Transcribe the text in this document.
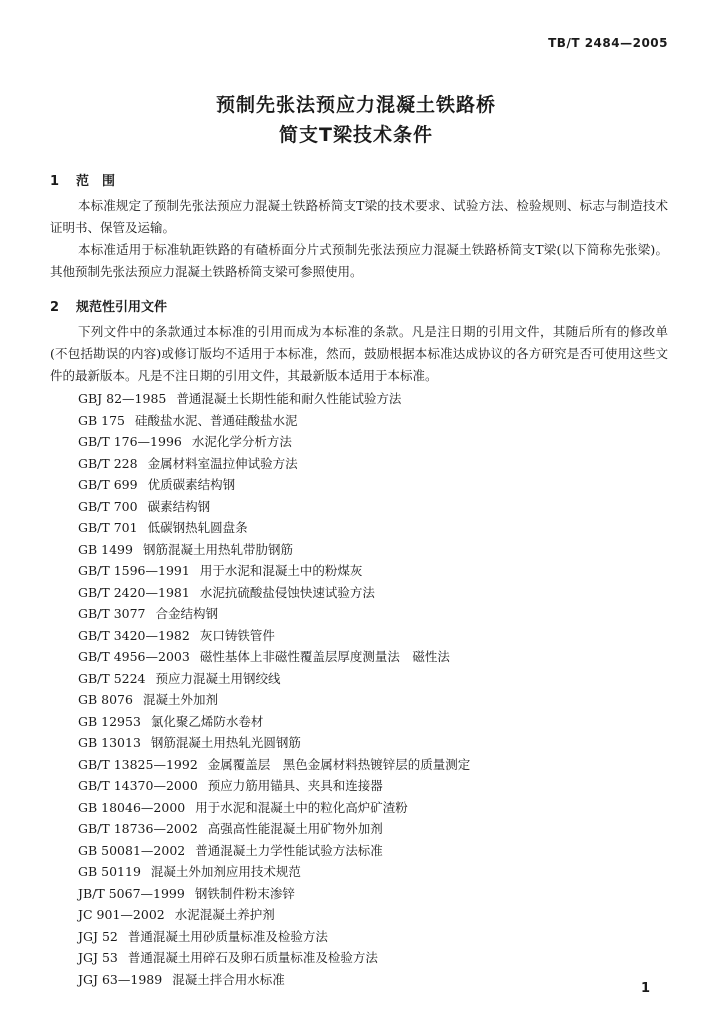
TB/T 2484—2005
预制先张法预应力混凝土铁路桥
简支T梁技术条件
1 范　围
本标准规定了预制先张法预应力混凝土铁路桥简支T梁的技术要求、试验方法、检验规则、标志与制造技术证明书、保管及运输。
本标准适用于标准轨距铁路的有碴桥面分片式预制先张法预应力混凝土铁路桥简支T梁(以下简称先张梁)。其他预制先张法预应力混凝土铁路桥简支梁可参照使用。
2 规范性引用文件
下列文件中的条款通过本标准的引用而成为本标准的条款。凡是注日期的引用文件，其随后所有的修改单(不包括勘误的内容)或修订版均不适用于本标准，然而，鼓励根据本标准达成协议的各方研究是否可使用这些文件的最新版本。凡是不注日期的引用文件，其最新版本适用于本标准。
GBJ 82—1985 普通混凝土长期性能和耐久性能试验方法
GB 175 硅酸盐水泥、普通硅酸盐水泥
GB/T 176—1996 水泥化学分析方法
GB/T 228 金属材料室温拉伸试验方法
GB/T 699 优质碳素结构钢
GB/T 700 碳素结构钢
GB/T 701 低碳钢热轧圆盘条
GB 1499 钢筋混凝土用热轧带肋钢筋
GB/T 1596—1991 用于水泥和混凝土中的粉煤灰
GB/T 2420—1981 水泥抗硫酸盐侵蚀快速试验方法
GB/T 3077 合金结构钢
GB/T 3420—1982 灰口铸铁管件
GB/T 4956—2003 磁性基体上非磁性覆盖层厚度测量法　磁性法
GB/T 5224 预应力混凝土用钢绞线
GB 8076 混凝土外加剂
GB 12953 氯化聚乙烯防水卷材
GB 13013 钢筋混凝土用热轧光圆钢筋
GB/T 13825—1992 金属覆盖层　黑色金属材料热镀锌层的质量测定
GB/T 14370—2000 预应力筋用锚具、夹具和连接器
GB 18046—2000 用于水泥和混凝土中的粒化高炉矿渣粉
GB/T 18736—2002 高强高性能混凝土用矿物外加剂
GB 50081—2002 普通混凝土力学性能试验方法标准
GB 50119 混凝土外加剂应用技术规范
JB/T 5067—1999 钢铁制件粉末渗锌
JC 901—2002 水泥混凝土养护剂
JGJ 52 普通混凝土用砂质量标准及检验方法
JGJ 53 普通混凝土用碎石及卵石质量标准及检验方法
JGJ 63—1989 混凝土拌合用水标准
1
